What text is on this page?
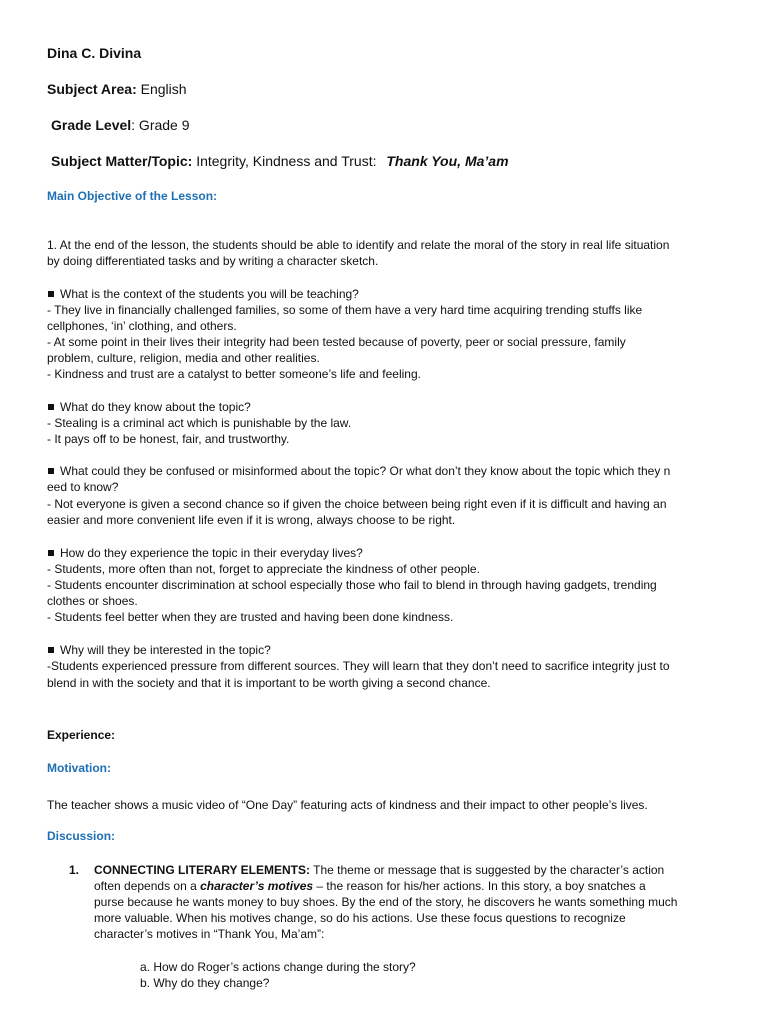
Dina C. Divina
Subject Area: English
Grade Level: Grade 9
Subject Matter/Topic: Integrity, Kindness and Trust: Thank You, Ma’am
Main Objective of the Lesson:
1. At the end of the lesson, the students should be able to identify and relate the moral of the story in real life situation
by doing differentiated tasks and by writing a character sketch.
What is the context of the students you will be teaching?
- They live in financially challenged families, so some of them have a very hard time acquiring trending stuffs like
cellphones, ‘in’ clothing, and others.
- At some point in their lives their integrity had been tested because of poverty, peer or social pressure, family
problem, culture, religion, media and other realities.
- Kindness and trust are a catalyst to better someone’s life and feeling.
What do they know about the topic?
- Stealing is a criminal act which is punishable by the law.
- It pays off to be honest, fair, and trustworthy.
What could they be confused or misinformed about the topic? Or what don’t they know about the topic which they n
eed to know?
- Not everyone is given a second chance so if given the choice between being right even if it is difficult and having an
easier and more convenient life even if it is wrong, always choose to be right.
How do they experience the topic in their everyday lives?
- Students, more often than not, forget to appreciate the kindness of other people.
- Students encounter discrimination at school especially those who fail to blend in through having gadgets, trending
clothes or shoes.
- Students feel better when they are trusted and having been done kindness.
Why will they be interested in the topic?
-Students experienced pressure from different sources. They will learn that they don’t need to sacrifice integrity just to
blend in with the society and that it is important to be worth giving a second chance.
Experience:
Motivation:
The teacher shows a music video of “One Day” featuring acts of kindness and their impact to other people’s lives.
Discussion:
1. CONNECTING LITERARY ELEMENTS: The theme or message that is suggested by the character’s action
often depends on a character’s motives – the reason for his/her actions. In this story, a boy snatches a
purse because he wants money to buy shoes. By the end of the story, he discovers he wants something much
more valuable. When his motives change, so do his actions. Use these focus questions to recognize
character’s motives in “Thank You, Ma’am”:
a. How do Roger’s actions change during the story?
b. Why do they change?
